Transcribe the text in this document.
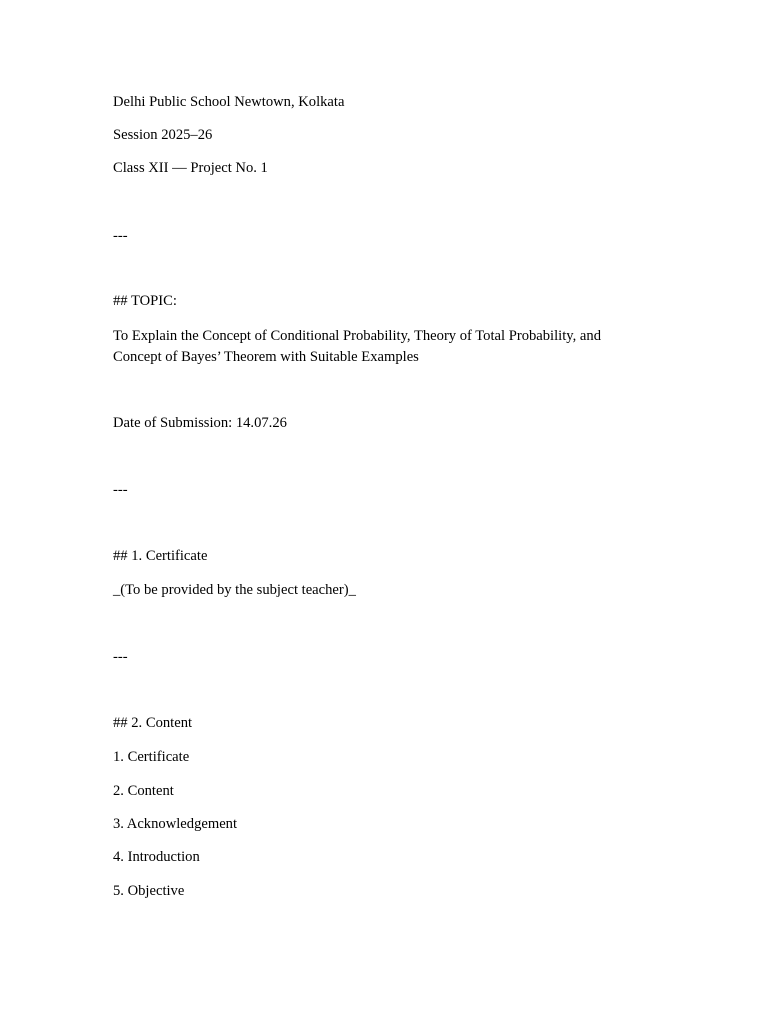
Delhi Public School Newtown, Kolkata

Session 2025–26

Class XII — Project No. 1

---

## TOPIC:

To Explain the Concept of Conditional Probability, Theory of Total Probability, and Concept of Bayes’ Theorem with Suitable Examples

Date of Submission: 14.07.26

---

## 1. Certificate

_(To be provided by the subject teacher)_

---

## 2. Content

1. Certificate

2. Content

3. Acknowledgement

4. Introduction

5. Objective
